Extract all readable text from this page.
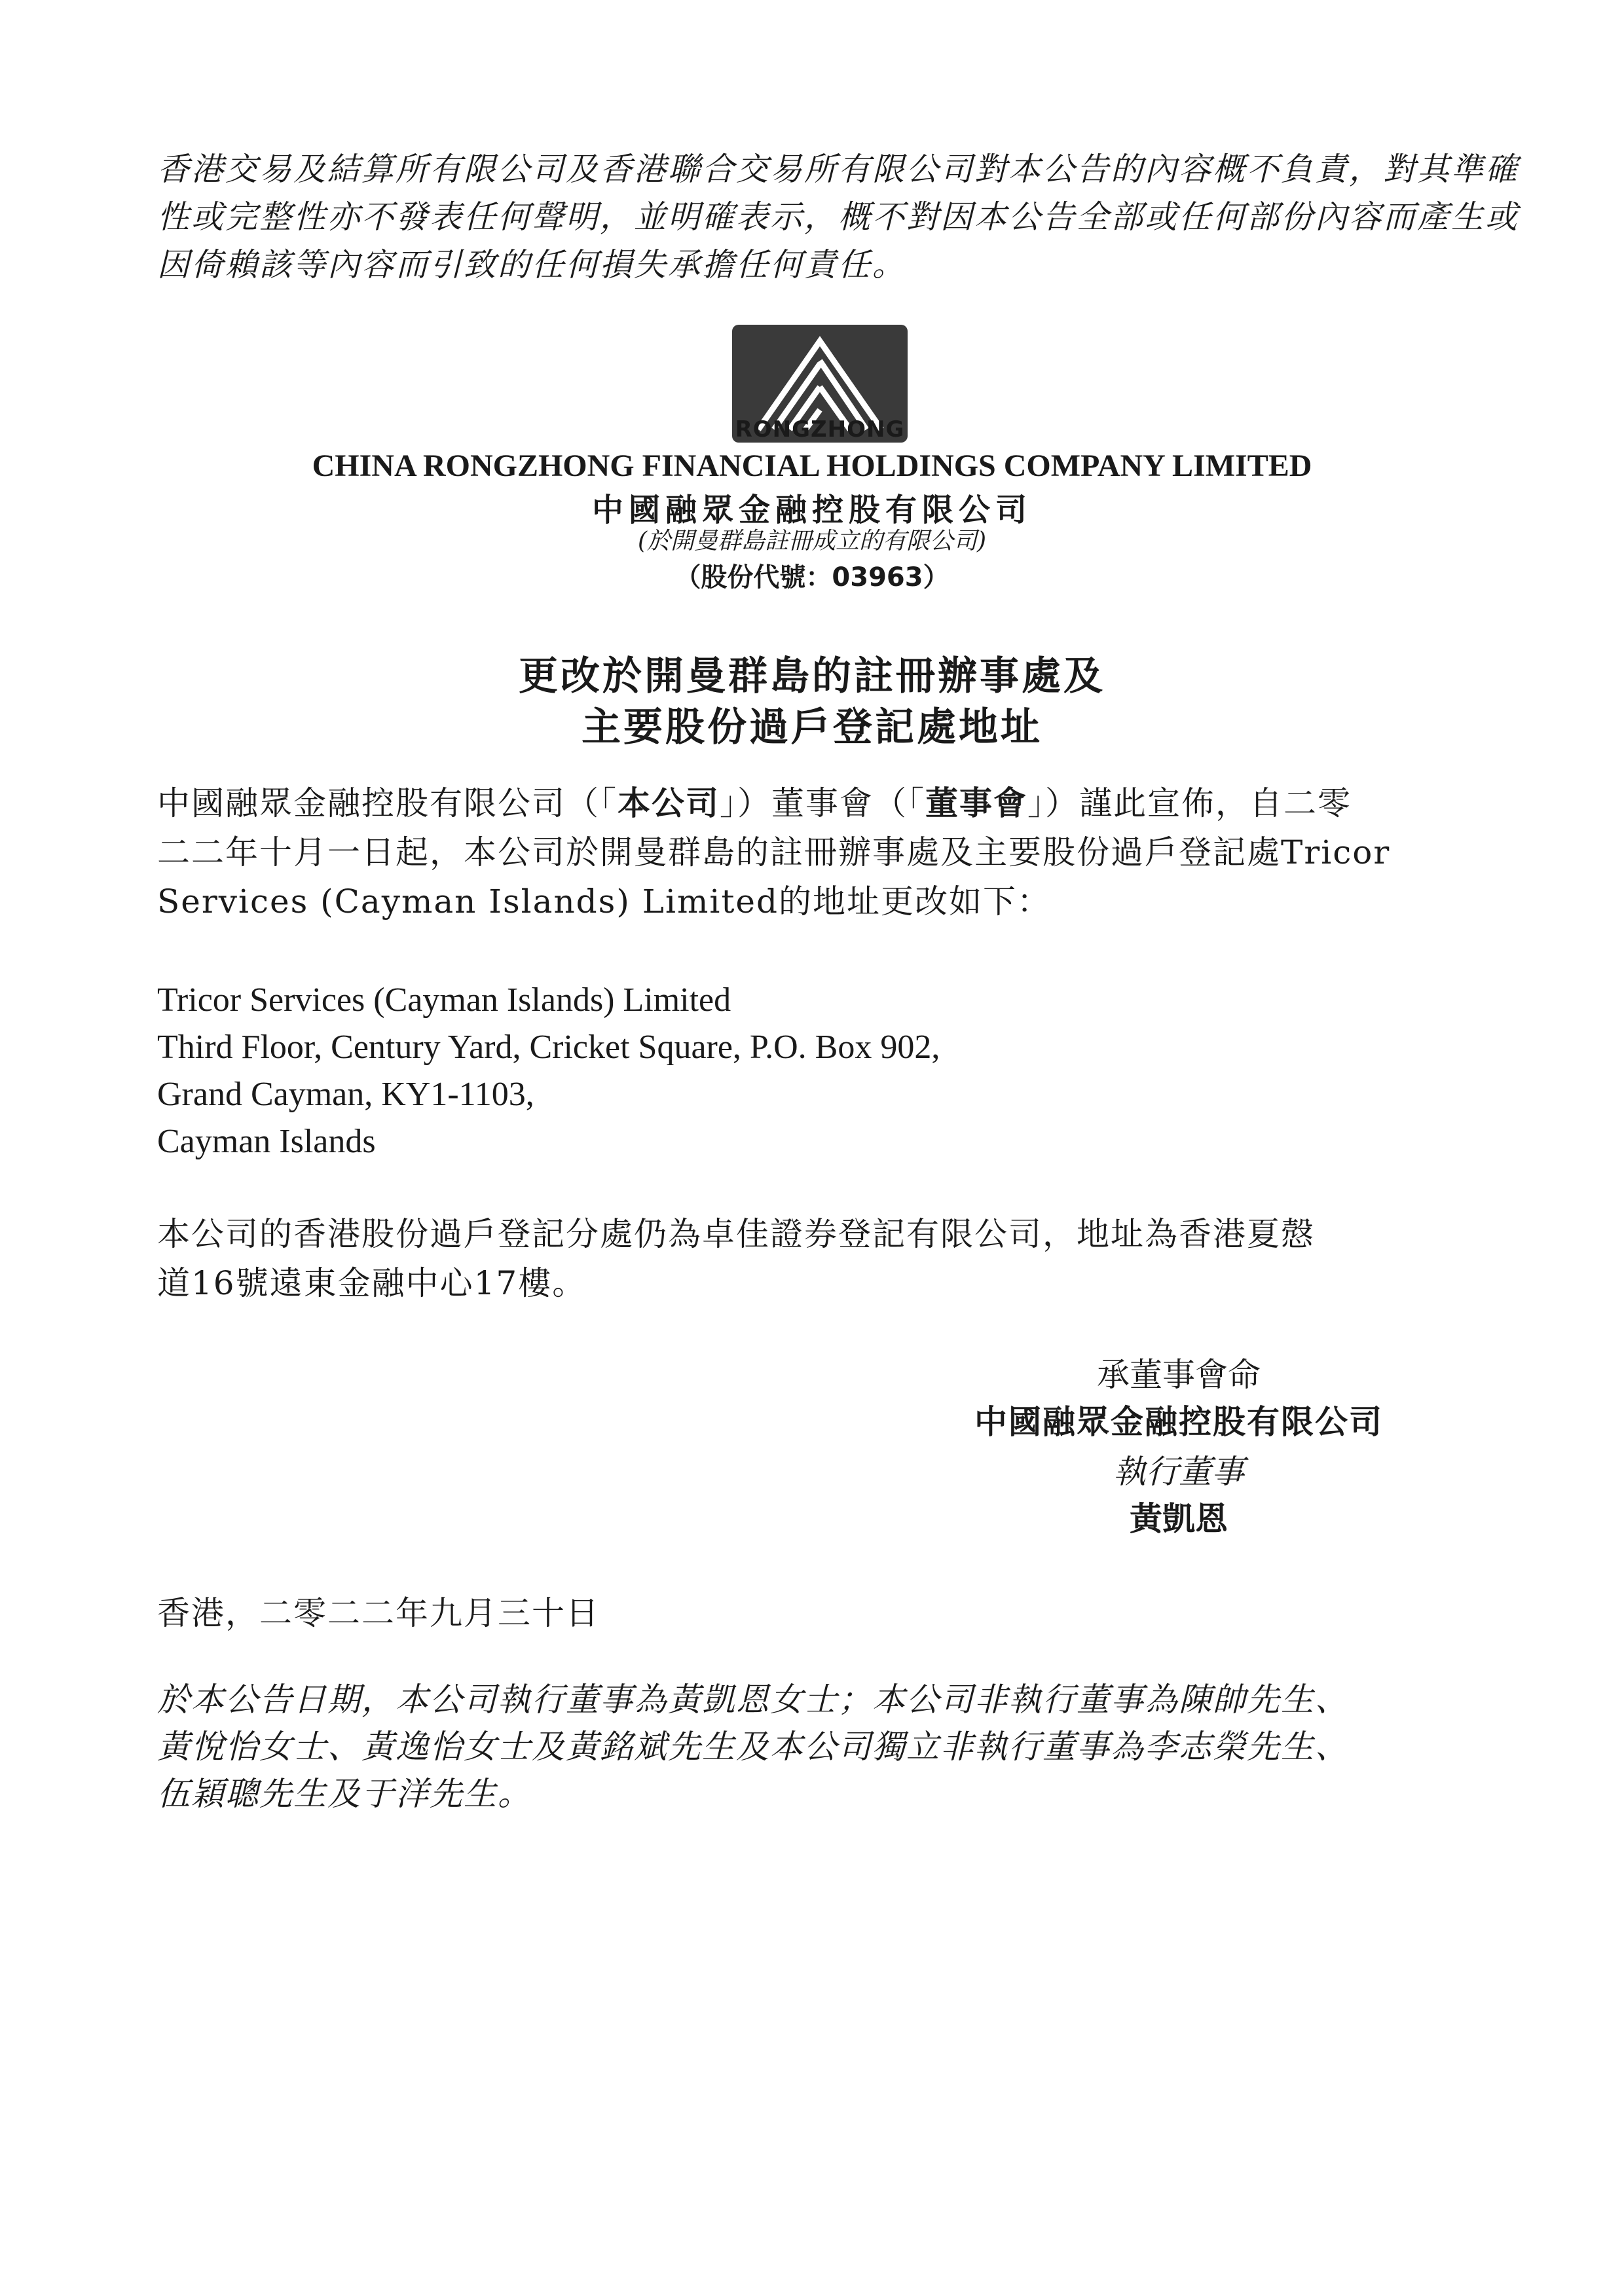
香港交易及結算所有限公司及香港聯合交易所有限公司對本公告的內容概不負責，對其準確
性或完整性亦不發表任何聲明，並明確表示，概不對因本公告全部或任何部份內容而產生或
因倚賴該等內容而引致的任何損失承擔任何責任。
RONGZHONG
CHINA RONGZHONG FINANCIAL HOLDINGS COMPANY LIMITED
中國融眾金融控股有限公司
(於開曼群島註冊成立的有限公司)
（股份代號：03963）
更改於開曼群島的註冊辦事處及
主要股份過戶登記處地址
中國融眾金融控股有限公司（「本公司」）董事會（「董事會」）謹此宣佈，自二零
二二年十月一日起，本公司於開曼群島的註冊辦事處及主要股份過戶登記處Tricor
Services (Cayman Islands) Limited的地址更改如下：
Tricor Services (Cayman Islands) Limited
Third Floor, Century Yard, Cricket Square, P.O. Box 902,
Grand Cayman, KY1-1103,
Cayman Islands
本公司的香港股份過戶登記分處仍為卓佳證券登記有限公司，地址為香港夏慤
道16號遠東金融中心17樓。
承董事會命
中國融眾金融控股有限公司
執行董事
黃凱恩
香港，二零二二年九月三十日
於本公告日期，本公司執行董事為黃凱恩女士；本公司非執行董事為陳帥先生、
黃悅怡女士、黃逸怡女士及黃銘斌先生及本公司獨立非執行董事為李志榮先生、
伍穎聰先生及于洋先生。
